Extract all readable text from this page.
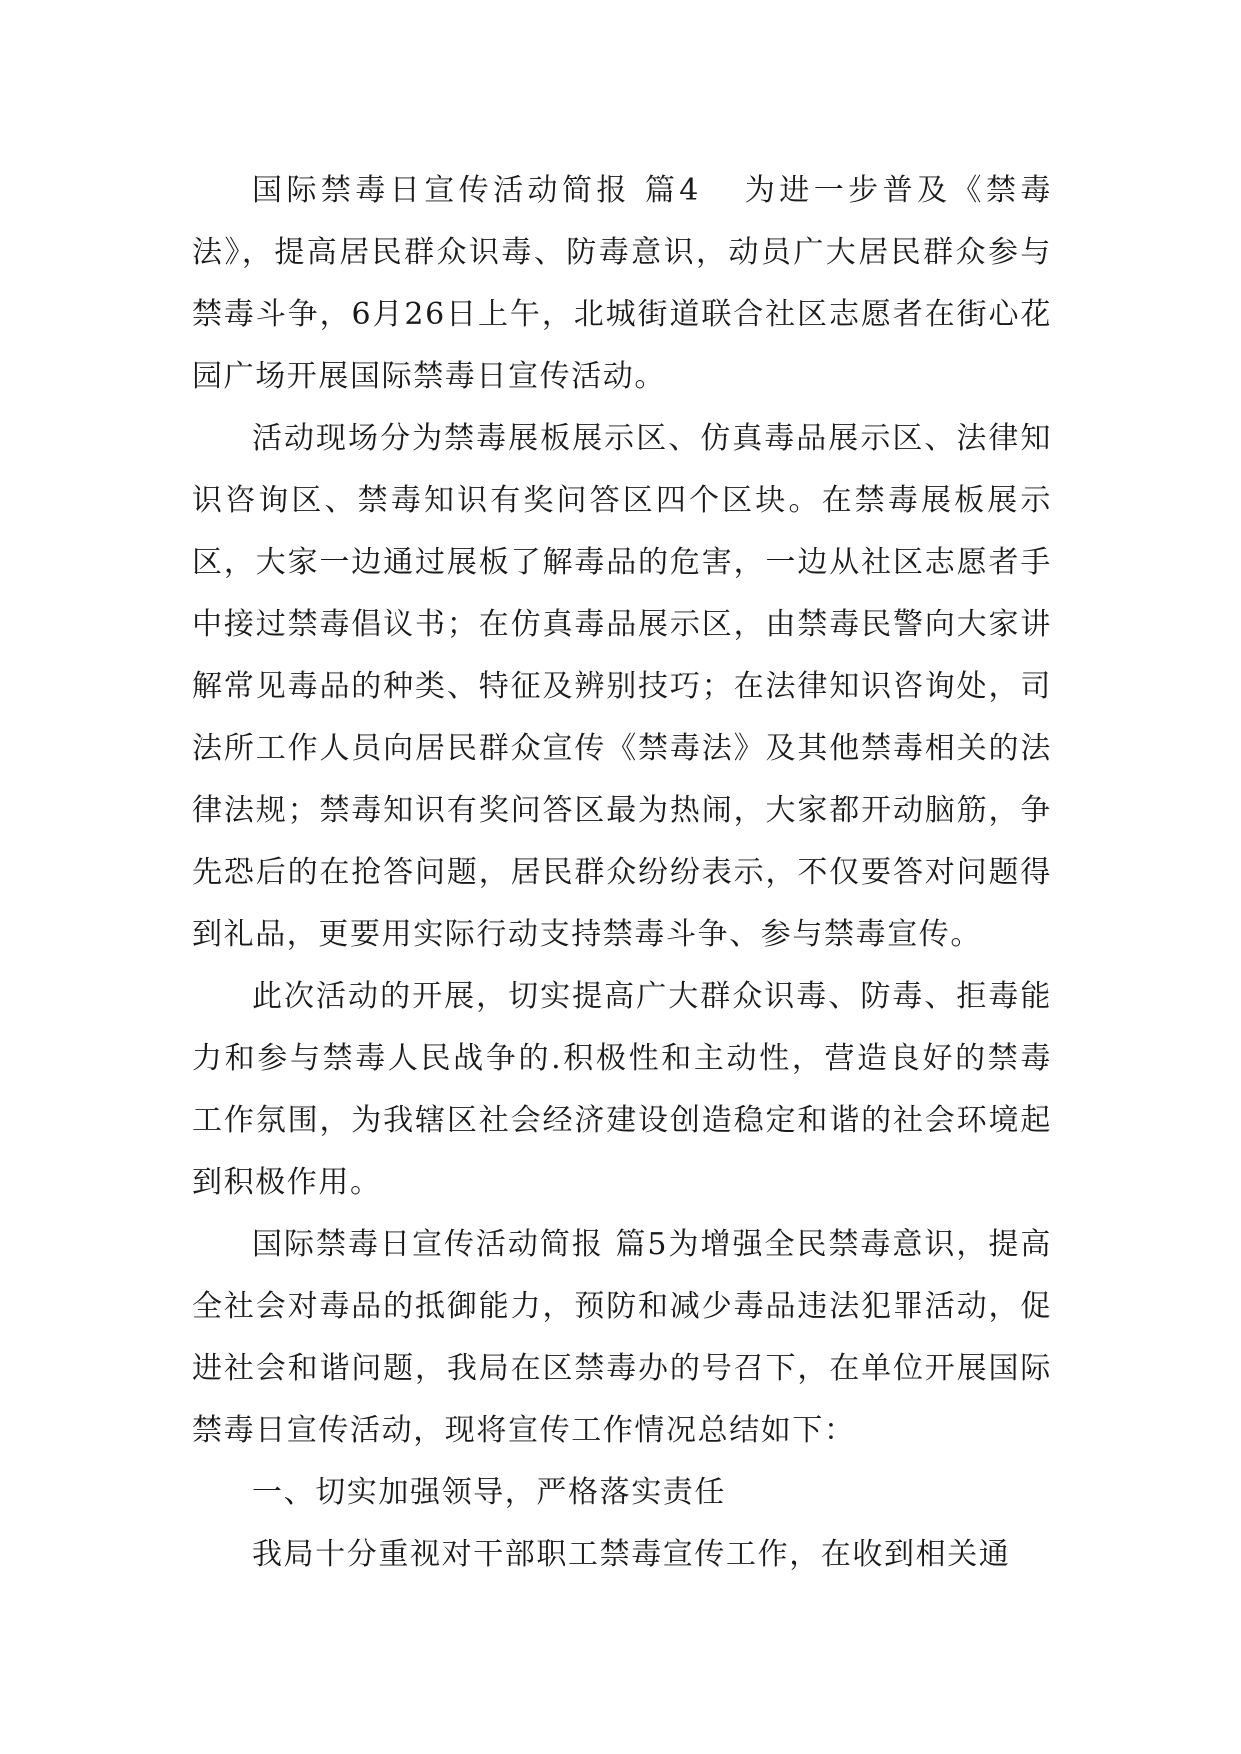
国际禁毒日宣传活动简报 篇4 为进一步普及《禁毒法》，提高居民群众识毒、防毒意识，动员广大居民群众参与禁毒斗争，6月26日上午，北城街道联合社区志愿者在街心花园广场开展国际禁毒日宣传活动。

活动现场分为禁毒展板展示区、仿真毒品展示区、法律知识咨询区、禁毒知识有奖问答区四个区块。在禁毒展板展示区，大家一边通过展板了解毒品的危害，一边从社区志愿者手中接过禁毒倡议书；在仿真毒品展示区，由禁毒民警向大家讲解常见毒品的种类、特征及辨别技巧；在法律知识咨询处，司法所工作人员向居民群众宣传《禁毒法》及其他禁毒相关的法律法规；禁毒知识有奖问答区最为热闹，大家都开动脑筋，争先恐后的在抢答问题，居民群众纷纷表示，不仅要答对问题得到礼品，更要用实际行动支持禁毒斗争、参与禁毒宣传。

此次活动的开展，切实提高广大群众识毒、防毒、拒毒能力和参与禁毒人民战争的.积极性和主动性，营造良好的禁毒工作氛围，为我辖区社会经济建设创造稳定和谐的社会环境起到积极作用。

国际禁毒日宣传活动简报 篇5为增强全民禁毒意识，提高全社会对毒品的抵御能力，预防和减少毒品违法犯罪活动，促进社会和谐问题，我局在区禁毒办的号召下，在单位开展国际禁毒日宣传活动，现将宣传工作情况总结如下：

一、切实加强领导，严格落实责任

我局十分重视对干部职工禁毒宣传工作，在收到相关通
